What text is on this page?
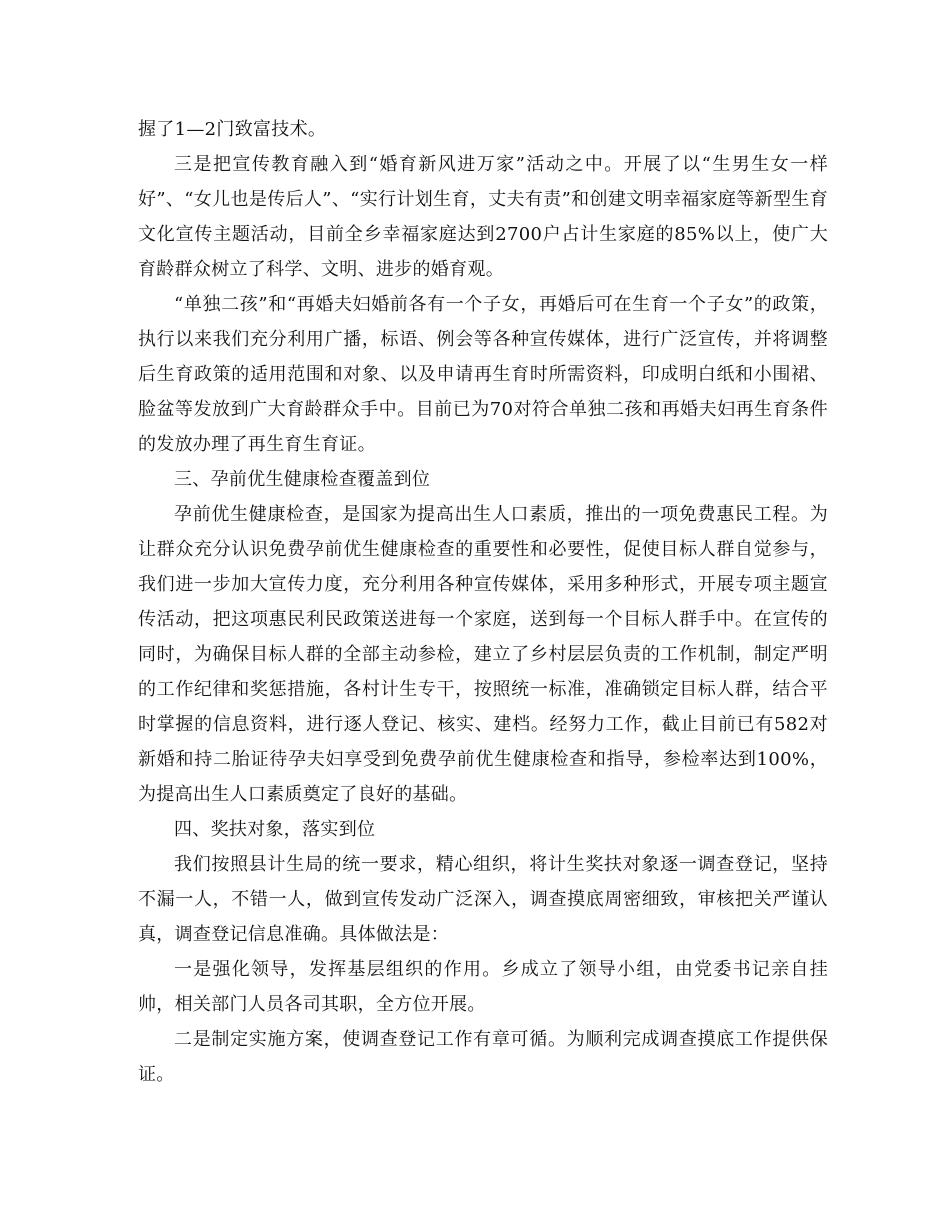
握了1—2门致富技术。

三是把宣传教育融入到“婚育新风进万家”活动之中。开展了以“生男生女一样好”、“女儿也是传后人”、“实行计划生育，丈夫有责”和创建文明幸福家庭等新型生育文化宣传主题活动，目前全乡幸福家庭达到2700户占计生家庭的85%以上，使广大育龄群众树立了科学、文明、进步的婚育观。

“单独二孩”和“再婚夫妇婚前各有一个子女，再婚后可在生育一个子女”的政策，执行以来我们充分利用广播，标语、例会等各种宣传媒体，进行广泛宣传，并将调整后生育政策的适用范围和对象、以及申请再生育时所需资料，印成明白纸和小围裙、脸盆等发放到广大育龄群众手中。目前已为70对符合单独二孩和再婚夫妇再生育条件的发放办理了再生育生育证。

三、孕前优生健康检查覆盖到位

孕前优生健康检查，是国家为提高出生人口素质，推出的一项免费惠民工程。为让群众充分认识免费孕前优生健康检查的重要性和必要性，促使目标人群自觉参与，我们进一步加大宣传力度，充分利用各种宣传媒体，采用多种形式，开展专项主题宣传活动，把这项惠民利民政策送进每一个家庭，送到每一个目标人群手中。在宣传的同时，为确保目标人群的全部主动参检，建立了乡村层层负责的工作机制，制定严明的工作纪律和奖惩措施，各村计生专干，按照统一标准，准确锁定目标人群，结合平时掌握的信息资料，进行逐人登记、核实、建档。经努力工作，截止目前已有582对新婚和持二胎证待孕夫妇享受到免费孕前优生健康检查和指导，参检率达到100%，为提高出生人口素质奠定了良好的基础。

四、奖扶对象，落实到位

我们按照县计生局的统一要求，精心组织，将计生奖扶对象逐一调查登记，坚持不漏一人，不错一人，做到宣传发动广泛深入，调查摸底周密细致，审核把关严谨认真，调查登记信息准确。具体做法是：

一是强化领导，发挥基层组织的作用。乡成立了领导小组，由党委书记亲自挂帅，相关部门人员各司其职，全方位开展。

二是制定实施方案，使调查登记工作有章可循。为顺利完成调查摸底工作提供保证。
